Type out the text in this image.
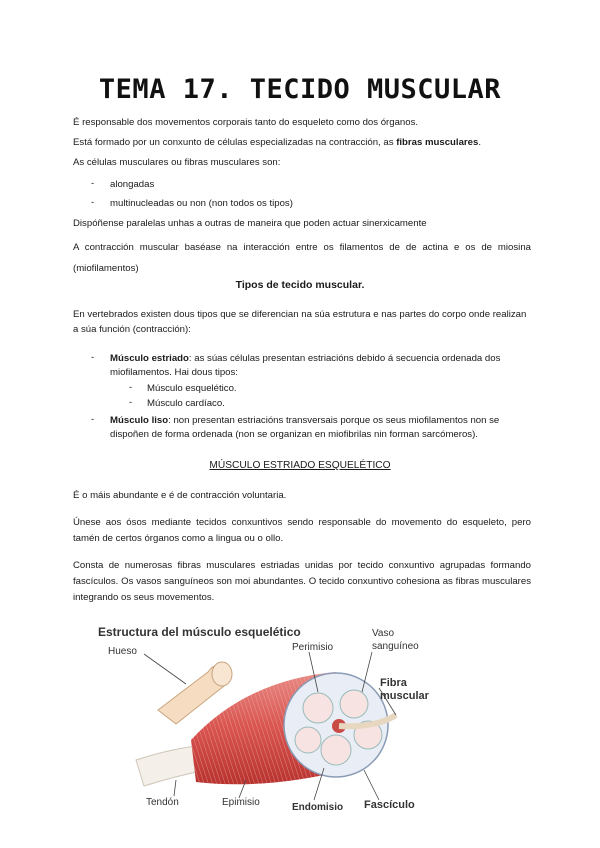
TEMA 17. TECIDO MUSCULAR

É responsable dos movementos corporais tanto do esqueleto como dos órganos.

Está formado por un conxunto de células especializadas na contracción, as fibras musculares.

As células musculares ou fibras musculares son:

- alongadas
- multinucleadas ou non (non todos os tipos)

Dispóñense paralelas unhas a outras de maneira que poden actuar sinerxicamente

A contracción muscular baséase na interacción entre os filamentos de de actina e os de miosina (miofilamentos)

Tipos de tecido muscular.

En vertebrados existen dous tipos que se diferencian na súa estrutura e nas partes do corpo onde realizan a súa función (contracción):

- Músculo estriado: as súas células presentan estriacións debido á secuencia ordenada dos miofilamentos. Hai dous tipos:
- Músculo esquelético.
- Músculo cardíaco.
- Músculo liso: non presentan estriacións transversais porque os seus miofilamentos non se dispoñen de forma ordenada (non se organizan en miofibrilas nin forman sarcómeros).
MÚSCULO ESTRIADO ESQUELÉTICO

É o máis abundante e é de contracción voluntaria.

Únese aos ósos mediante tecidos conxuntivos sendo responsable do movemento do esqueleto, pero tamén de certos órganos como a lingua ou o ollo.

Consta de numerosas fibras musculares estriadas unidas por tecido conxuntivo agrupadas formando fascículos. Os vasos sanguíneos son moi abundantes. O tecido conxuntivo cohesiona as fibras musculares integrando os seus movementos.

Estructura del músculo esquelético
Hueso	Perimisio
Vaso
sanguíneo
Fibra
muscular
Tendón	Epimisio	Endomisio Fascículo
